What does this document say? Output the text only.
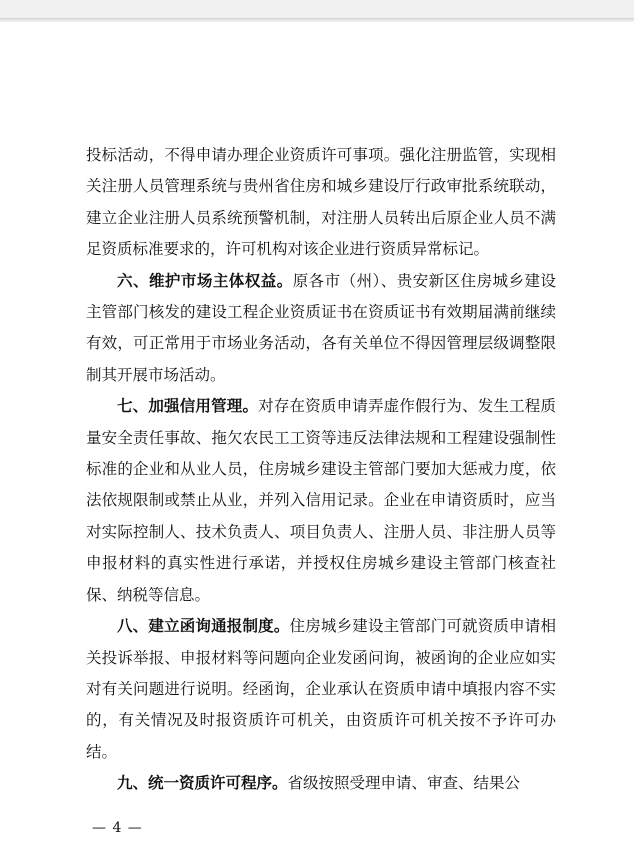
投标活动，不得申请办理企业资质许可事项。强化注册监管，实现相关注册人员管理系统与贵州省住房和城乡建设厅行政审批系统联动，建立企业注册人员系统预警机制，对注册人员转出后原企业人员不满足资质标准要求的，许可机构对该企业进行资质异常标记。

六、维护市场主体权益。原各市（州）、贵安新区住房城乡建设主管部门核发的建设工程企业资质证书在资质证书有效期届满前继续有效，可正常用于市场业务活动，各有关单位不得因管理层级调整限制其开展市场活动。

七、加强信用管理。对存在资质申请弄虚作假行为、发生工程质量安全责任事故、拖欠农民工工资等违反法律法规和工程建设强制性标准的企业和从业人员，住房城乡建设主管部门要加大惩戒力度，依法依规限制或禁止从业，并列入信用记录。企业在申请资质时，应当对实际控制人、技术负责人、项目负责人、注册人员、非注册人员等申报材料的真实性进行承诺，并授权住房城乡建设主管部门核查社保、纳税等信息。

八、建立函询通报制度。住房城乡建设主管部门可就资质申请相关投诉举报、申报材料等问题向企业发函问询，被函询的企业应如实对有关问题进行说明。经函询，企业承认在资质申请中填报内容不实的，有关情况及时报资质许可机关，由资质许可机关按不予许可办结。

九、统一资质许可程序。省级按照受理申请、审查、结果公

— 4 —
